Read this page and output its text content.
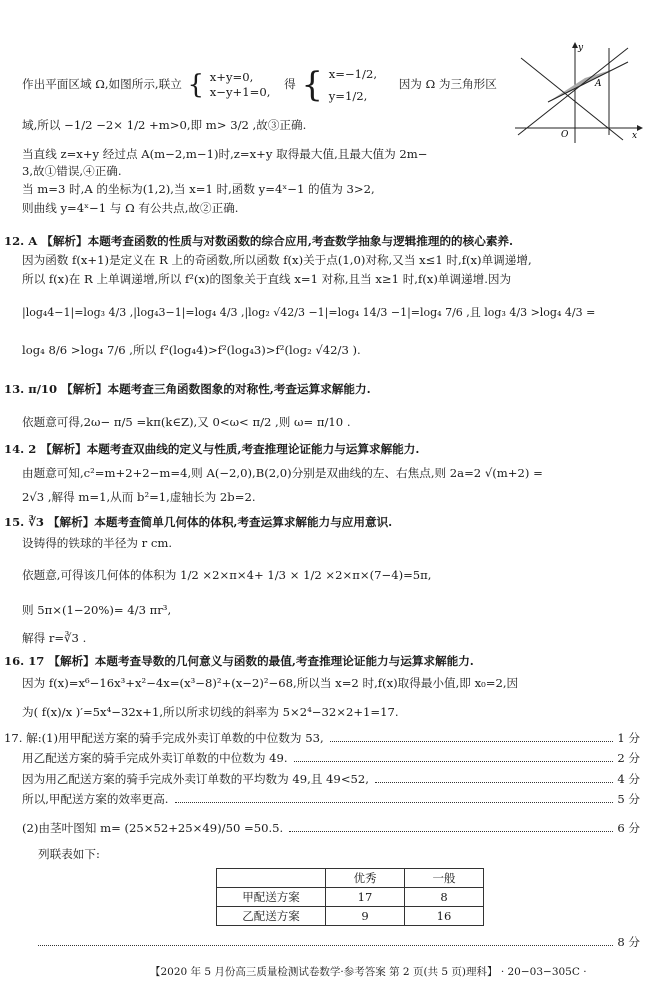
作出平面区域 Ω,如图所示,联立 { x+y=0,
x−y+1=0, 得 { x=−1/2,
y=1/2, 因为 Ω 为三角形区
域,所以 −1/2 −2× 1/2 +m>0,即 m> 3/2 ,故③正确.
当直线 z=x+y 经过点 A(m−2,m−1)时,z=x+y 取得最大值,且最大值为 2m−
3,故①错误,④正确.
当 m=3 时,A 的坐标为(1,2),当 x=1 时,函数 y=4ˣ−1 的值为 3>2,
则曲线 y=4ˣ−1 与 Ω 有公共点,故②正确.
y
x
A
O
12. A 【解析】本题考查函数的性质与对数函数的综合应用,考查数学抽象与逻辑推理的的核心素养.
因为函数 f(x+1)是定义在 R 上的奇函数,所以函数 f(x)关于点(1,0)对称,又当 x≤1 时,f(x)单调递增,
所以 f(x)在 R 上单调递增,所以 f²(x)的图象关于直线 x=1 对称,且当 x≥1 时,f(x)单调递增.因为
|log₄4−1|=log₃ 4/3 ,|log₄3−1|=log₄ 4/3 ,|log₂ √42/3 −1|=log₄ 14/3 −1|=log₄ 7/6 ,且 log₃ 4/3 >log₄ 4/3 =
log₄ 8/6 >log₄ 7/6 ,所以 f²(log₄4)>f²(log₄3)>f²(log₂ √42/3 ).
13. π/10 【解析】本题考查三角函数图象的对称性,考查运算求解能力.
依题意可得,2ω− π/5 =kπ(k∈Z),又 0<ω< π/2 ,则 ω= π/10 .
14. 2 【解析】本题考查双曲线的定义与性质,考查推理论证能力与运算求解能力.
由题意可知,c²=m+2+2−m=4,则 A(−2,0),B(2,0)分别是双曲线的左、右焦点,则 2a=2 √(m+2) =
2√3 ,解得 m=1,从而 b²=1,虚轴长为 2b=2.
15. ∛3 【解析】本题考查简单几何体的体积,考查运算求解能力与应用意识.
设铸得的铁球的半径为 r cm.
依题意,可得该几何体的体积为 1/2 ×2×π×4+ 1/3 × 1/2 ×2×π×(7−4)=5π,
则 5π×(1−20%)= 4/3 πr³,
解得 r=∛3 .
16. 17 【解析】本题考查导数的几何意义与函数的最值,考查推理论证能力与运算求解能力.
因为 f(x)=x⁶−16x³+x²−4x=(x³−8)²+(x−2)²−68,所以当 x=2 时,f(x)取得最小值,即 x₀=2,因
为( f(x)/x )′=5x⁴−32x+1,所以所求切线的斜率为 5×2⁴−32×2+1=17.
17. 解:(1)用甲配送方案的骑手完成外卖订单数的中位数为 53,	1 分
用乙配送方案的骑手完成外卖订单数的中位数为 49.	2 分
因为用乙配送方案的骑手完成外卖订单数的平均数为 49,且 49<52,	4 分
所以,甲配送方案的效率更高.	5 分
(2)由茎叶图知 m= (25×52+25×49)/50 =50.5.	6 分
列联表如下:
	优秀	一般
甲配送方案	17	8
乙配送方案	9	16
8 分
【2020 年 5 月份高三质量检测试卷数学·参考答案 第 2 页(共 5 页)理科】 · 20−03−305C ·
